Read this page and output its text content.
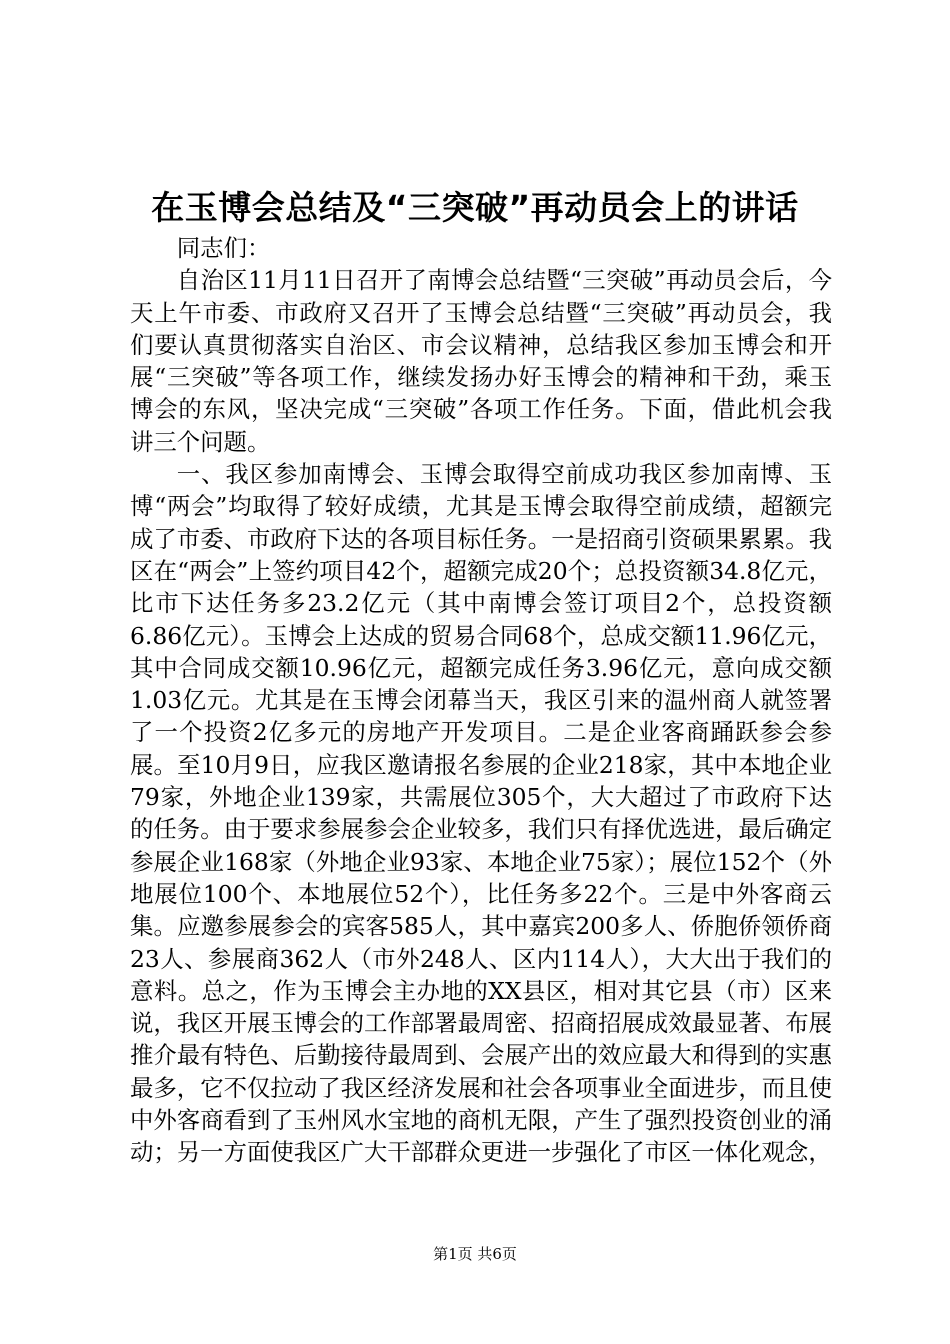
在玉博会总结及“三突破”再动员会上的讲话

同志们：

自治区11月11日召开了南博会总结暨“三突破”再动员会后，今天上午市委、市政府又召开了玉博会总结暨“三突破”再动员会，我们要认真贯彻落实自治区、市会议精神，总结我区参加玉博会和开展“三突破”等各项工作，继续发扬办好玉博会的精神和干劲，乘玉博会的东风，坚决完成“三突破”各项工作任务。下面，借此机会我讲三个问题。

一、我区参加南博会、玉博会取得空前成功我区参加南博、玉博“两会”均取得了较好成绩，尤其是玉博会取得空前成绩，超额完成了市委、市政府下达的各项目标任务。一是招商引资硕果累累。我区在“两会”上签约项目42个，超额完成20个；总投资额34.8亿元，比市下达任务多23.2亿元（其中南博会签订项目2个，总投资额6.86亿元）。玉博会上达成的贸易合同68个，总成交额11.96亿元，其中合同成交额10.96亿元，超额完成任务3.96亿元，意向成交额1.03亿元。尤其是在玉博会闭幕当天，我区引来的温州商人就签署了一个投资2亿多元的房地产开发项目。二是企业客商踊跃参会参展。至10月9日，应我区邀请报名参展的企业218家，其中本地企业79家，外地企业139家，共需展位305个，大大超过了市政府下达的任务。由于要求参展参会企业较多，我们只有择优选进，最后确定参展企业168家（外地企业93家、本地企业75家）；展位152个（外地展位100个、本地展位52个），比任务多22个。三是中外客商云集。应邀参展参会的宾客585人，其中嘉宾200多人、侨胞侨领侨商23人、参展商362人（市外248人、区内114人），大大出于我们的意料。总之，作为玉博会主办地的XX县区，相对其它县（市）区来说，我区开展玉博会的工作部署最周密、招商招展成效最显著、布展推介最有特色、后勤接待最周到、会展产出的效应最大和得到的实惠最多，它不仅拉动了我区经济发展和社会各项事业全面进步，而且使中外客商看到了玉州风水宝地的商机无限，产生了强烈投资创业的涌动；另一方面使我区广大干部群众更进一步强化了市区一体化观念，

第1页 共6页
